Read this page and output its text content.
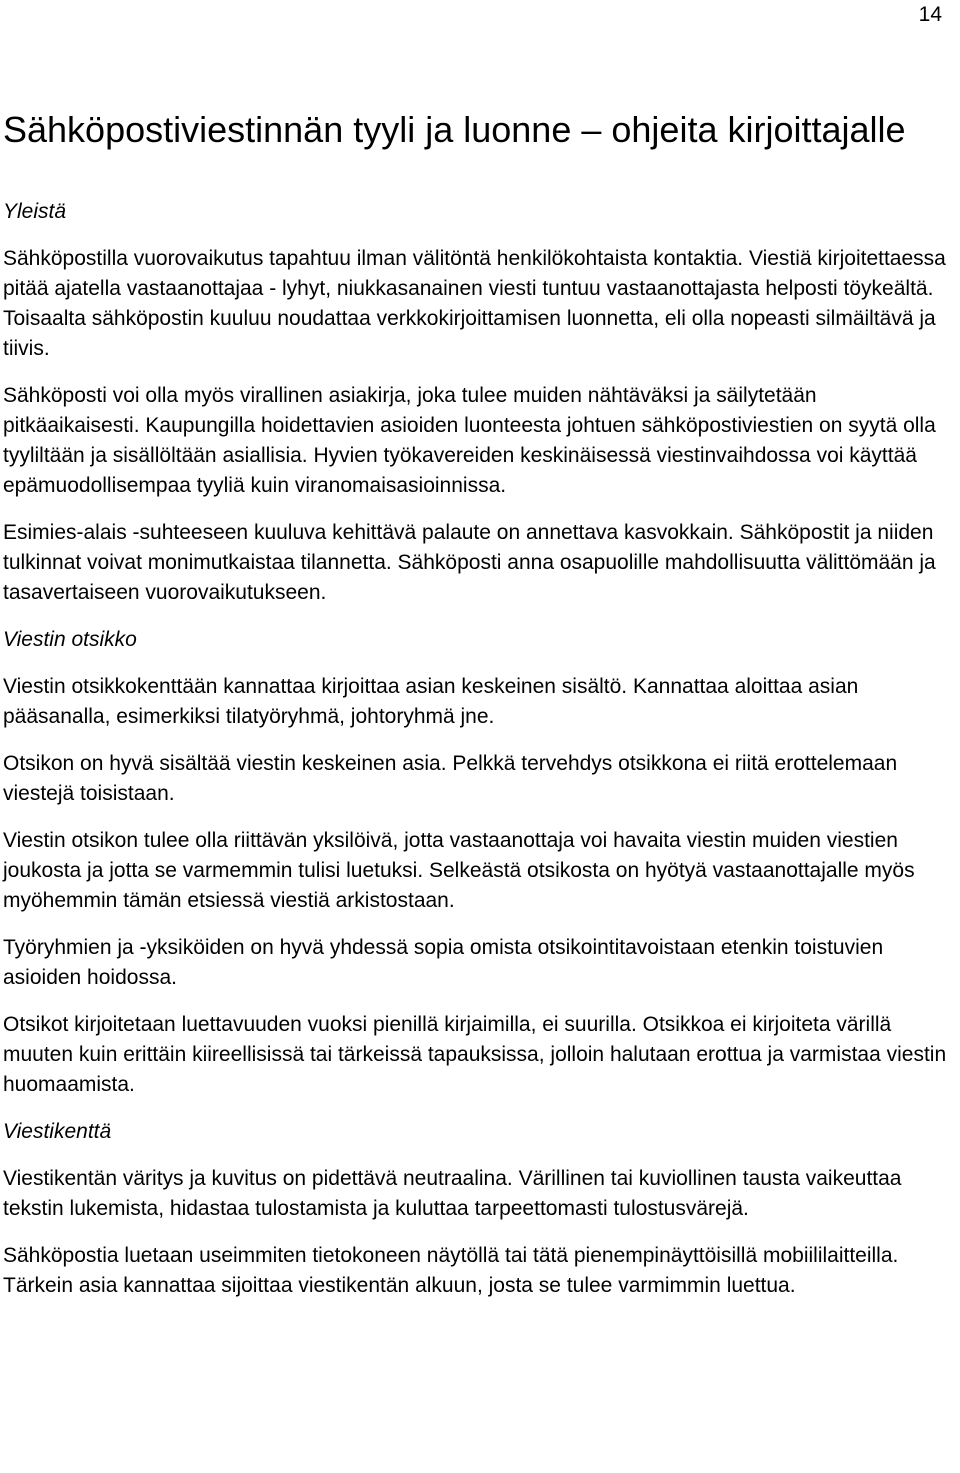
14
Sähköpostiviestinnän tyyli ja luonne – ohjeita kirjoittajalle
Yleistä

Sähköpostilla vuorovaikutus tapahtuu ilman välitöntä henkilökohtaista kontaktia. Viestiä kirjoitettaessa pitää ajatella vastaanottajaa - lyhyt, niukkasanainen viesti tuntuu vastaanottajasta helposti töykeältä. Toisaalta sähköpostin kuuluu noudattaa verkkokirjoittamisen luonnetta, eli olla nopeasti silmäiltävä ja tiivis.

Sähköposti voi olla myös virallinen asiakirja, joka tulee muiden nähtäväksi ja säilytetään pitkäaikaisesti. Kaupungilla hoidettavien asioiden luonteesta johtuen sähköpostiviestien on syytä olla tyyliltään ja sisällöltään asiallisia. Hyvien työkavereiden keskinäisessä viestinvaihdossa voi käyttää epämuodollisempaa tyyliä kuin viranomaisasioinnissa.

Esimies-alais -suhteeseen kuuluva kehittävä palaute on annettava kasvokkain. Sähköpostit ja niiden tulkinnat voivat monimutkaistaa tilannetta. Sähköposti anna osapuolille mahdollisuutta välittömään ja tasavertaiseen vuorovaikutukseen.

Viestin otsikko

Viestin otsikkokenttään kannattaa kirjoittaa asian keskeinen sisältö. Kannattaa aloittaa asian pääsanalla, esimerkiksi tilatyöryhmä, johtoryhmä jne.

Otsikon on hyvä sisältää viestin keskeinen asia. Pelkkä tervehdys otsikkona ei riitä erottelemaan viestejä toisistaan.

Viestin otsikon tulee olla riittävän yksilöivä, jotta vastaanottaja voi havaita viestin muiden viestien joukosta ja jotta se varmemmin tulisi luetuksi. Selkeästä otsikosta on hyötyä vastaanottajalle myös myöhemmin tämän etsiessä viestiä arkistostaan.

Työryhmien ja -yksiköiden on hyvä yhdessä sopia omista otsikointitavoistaan etenkin toistuvien asioiden hoidossa.

Otsikot kirjoitetaan luettavuuden vuoksi pienillä kirjaimilla, ei suurilla. Otsikkoa ei kirjoiteta värillä muuten kuin erittäin kiireellisissä tai tärkeissä tapauksissa, jolloin halutaan erottua ja varmistaa viestin huomaamista.

Viestikenttä

Viestikentän väritys ja kuvitus on pidettävä neutraalina. Värillinen tai kuviollinen tausta vaikeuttaa tekstin lukemista, hidastaa tulostamista ja kuluttaa tarpeettomasti tulostusvärejä.

Sähköpostia luetaan useimmiten tietokoneen näytöllä tai tätä pienempinäyttöisillä mobiililaitteilla. Tärkein asia kannattaa sijoittaa viestikentän alkuun, josta se tulee varmimmin luettua.
